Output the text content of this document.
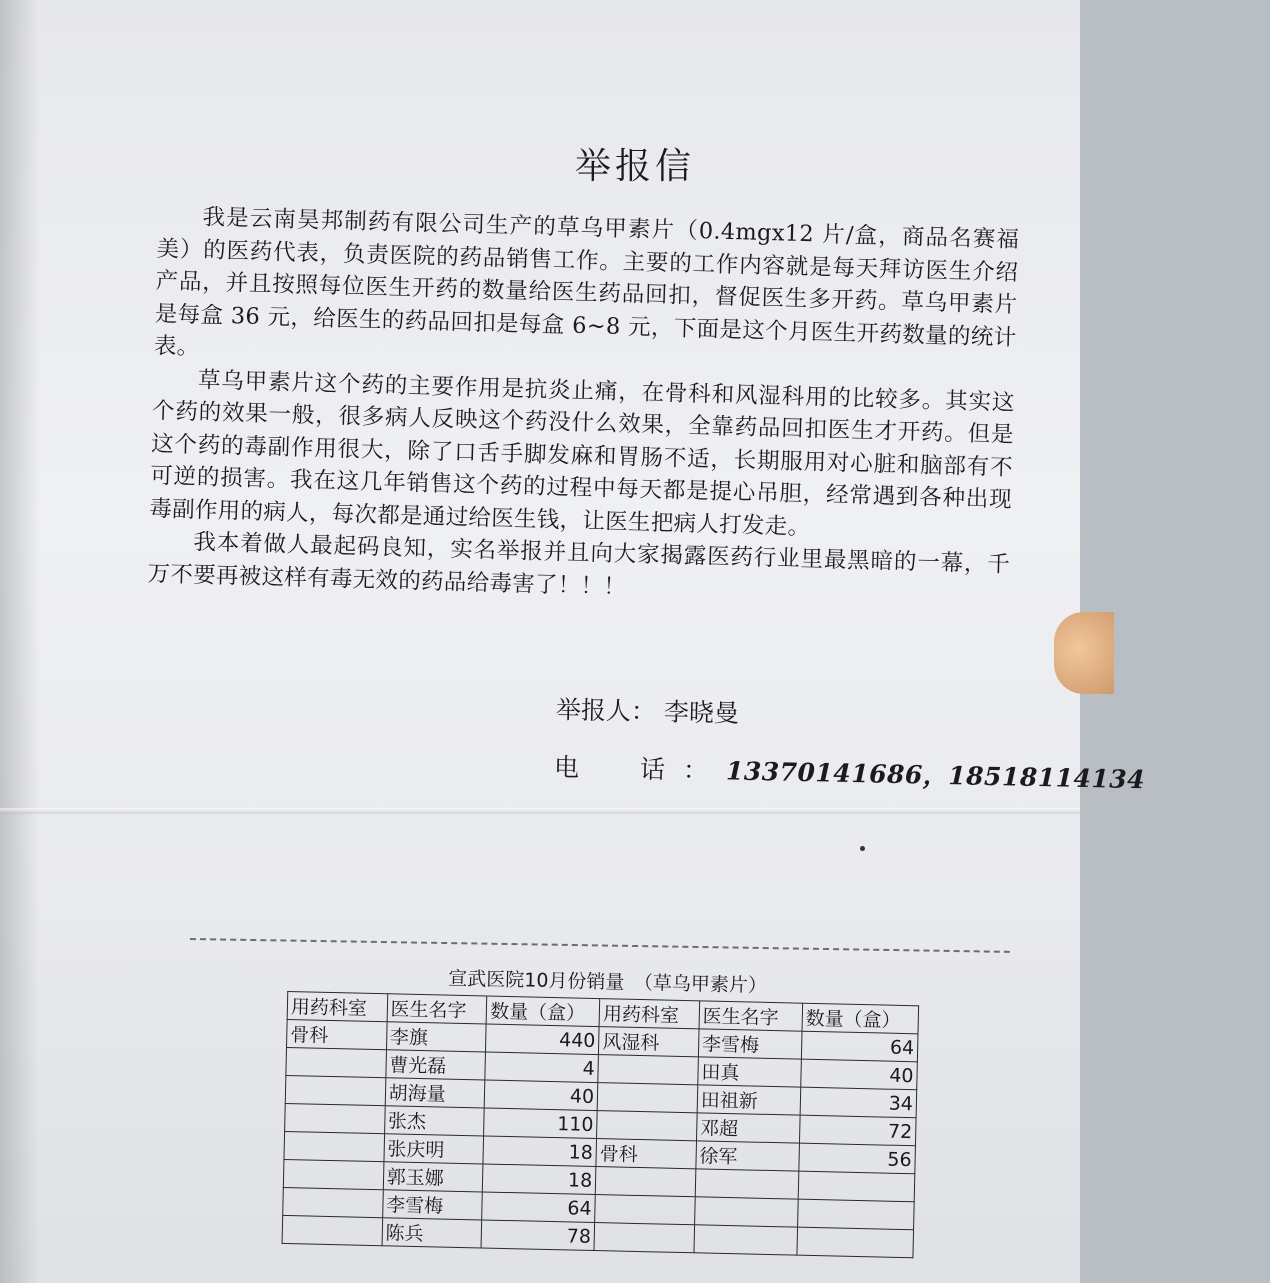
举报信

我是云南昊邦制药有限公司生产的草乌甲素片（0.4mgx12 片/盒，商品名赛福美）的医药代表，负责医院的药品销售工作。主要的工作内容就是每天拜访医生介绍产品，并且按照每位医生开药的数量给医生药品回扣，督促医生多开药。草乌甲素片是每盒 36 元，给医生的药品回扣是每盒 6~8 元，下面是这个月医生开药数量的统计表。

草乌甲素片这个药的主要作用是抗炎止痛，在骨科和风湿科用的比较多。其实这个药的效果一般，很多病人反映这个药没什么效果，全靠药品回扣医生才开药。但是这个药的毒副作用很大，除了口舌手脚发麻和胃肠不适，长期服用对心脏和脑部有不可逆的损害。我在这几年销售这个药的过程中每天都是提心吊胆，经常遇到各种出现毒副作用的病人，每次都是通过给医生钱，让医生把病人打发走。

我本着做人最起码良知，实名举报并且向大家揭露医药行业里最黑暗的一幕，千万不要再被这样有毒无效的药品给毒害了！！！

举报人： 李晓曼
电　话：13370141686，18518114134
宣武医院10月份销量　（草乌甲素片）
用药科室	医生名字	数量（盒）	用药科室	医生名字	数量（盒）
骨科	李旗	440	风湿科	李雪梅	64
	曹光磊	4		田真	40
	胡海量	40		田祖新	34
	张杰	110		邓超	72
	张庆明	18	骨科	徐军	56
	郭玉娜	18			
	李雪梅	64			
	陈兵	78			
